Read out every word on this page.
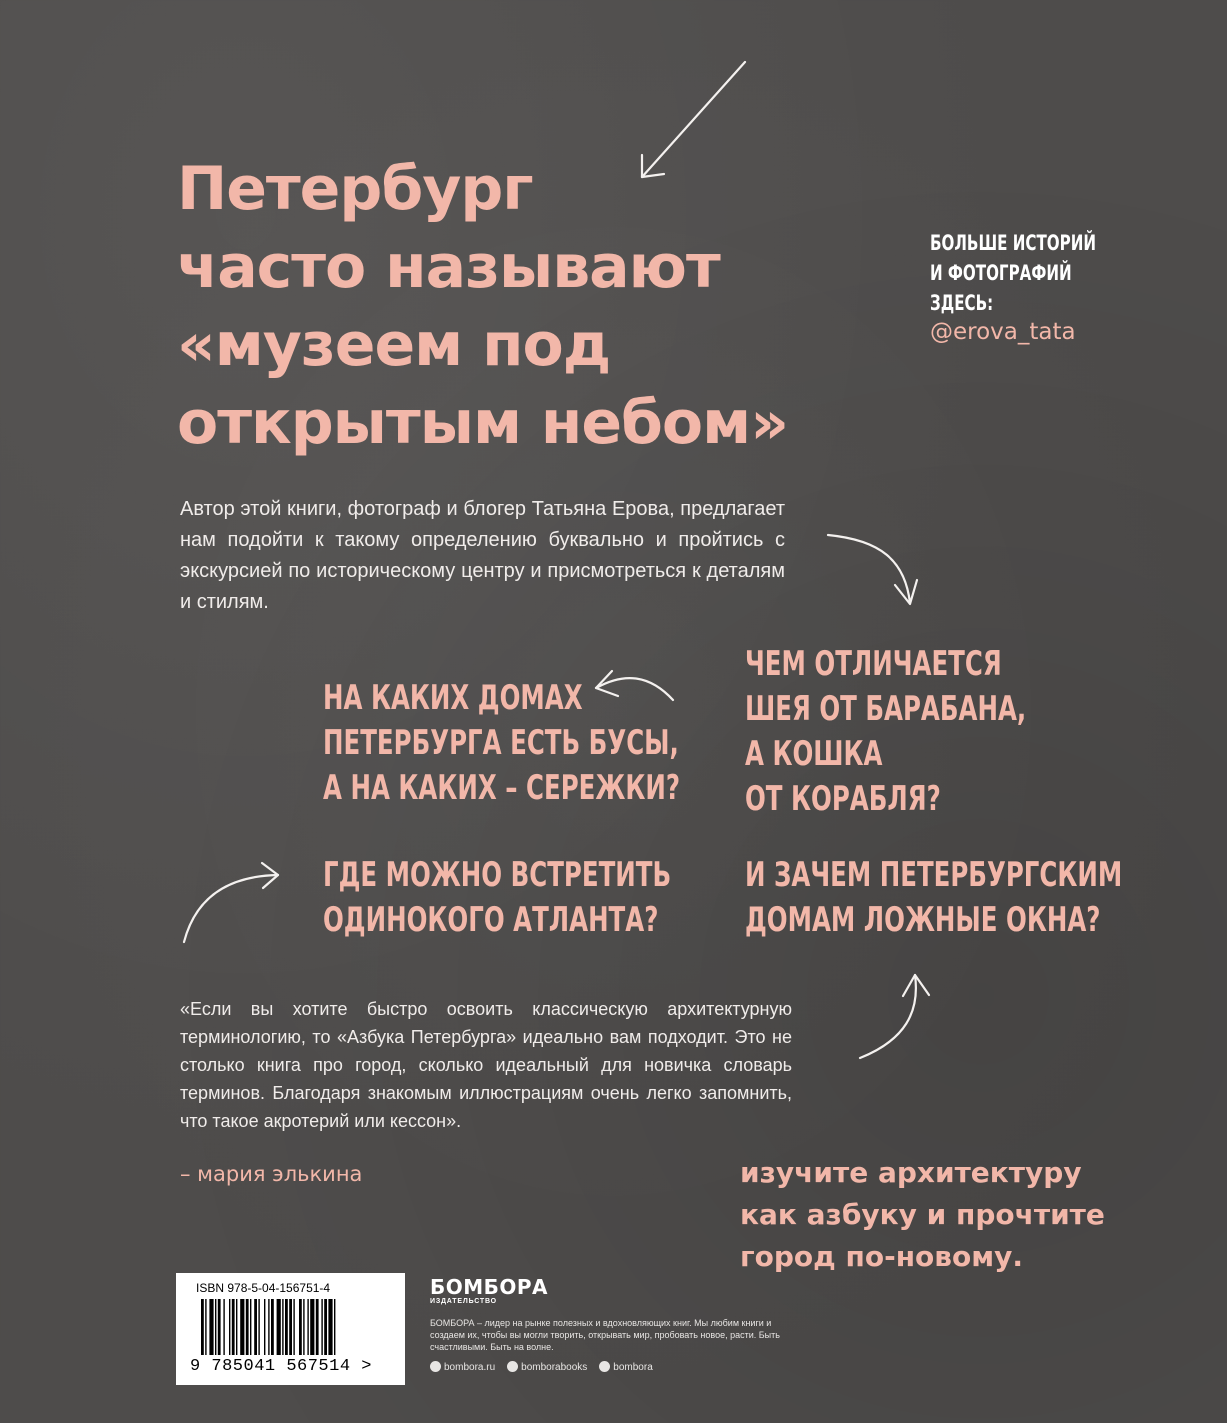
Петербург
часто называют
«музеем под
открытым небом»
БОЛЬШЕ ИСТОРИЙ
И ФОТОГРАФИЙ
ЗДЕСЬ:
@erova_tata
Автор этой книги, фотограф и блогер Татьяна Ерова, предлагает нам подойти к такому определению буквально и пройтись с экскурсией по историческому центру и присмотреться к деталям и стилям.
ЧЕМ ОТЛИЧАЕТСЯ
ШЕЯ ОТ БАРАБАНА,
А КОШКА
ОТ КОРАБЛЯ?
НА КАКИХ ДОМАХ
ПЕТЕРБУРГА ЕСТЬ БУСЫ,
А НА КАКИХ – СЕРЕЖКИ?
ГДЕ МОЖНО ВСТРЕТИТЬ
ОДИНОКОГО АТЛАНТА?
И ЗАЧЕМ ПЕТЕРБУРГСКИМ
ДОМАМ ЛОЖНЫЕ ОКНА?
«Если вы хотите быстро освоить классическую архитектурную терминологию, то «Азбука Петербурга» идеально вам подходит. Это не столько книга про город, сколько идеальный для новичка словарь терминов. Благодаря знакомым иллюстрациям очень легко запомнить, что такое акротерий или кессон».
– мария элькина	изучите архитектуру
как азбуку и прочтите
город по-новому.
ISBN 978-5-04-156751-4
9 785041 567514 >
БОМБОРА
ИЗДАТЕЛЬСТВО
БОМБОРА – лидер на рынке полезных и вдохновляющих книг. Мы любим книги и создаем их, чтобы вы могли творить, открывать мир, пробовать новое, расти. Быть счастливыми. Быть на волне.
bombora.ru	bomborabooks	bombora
